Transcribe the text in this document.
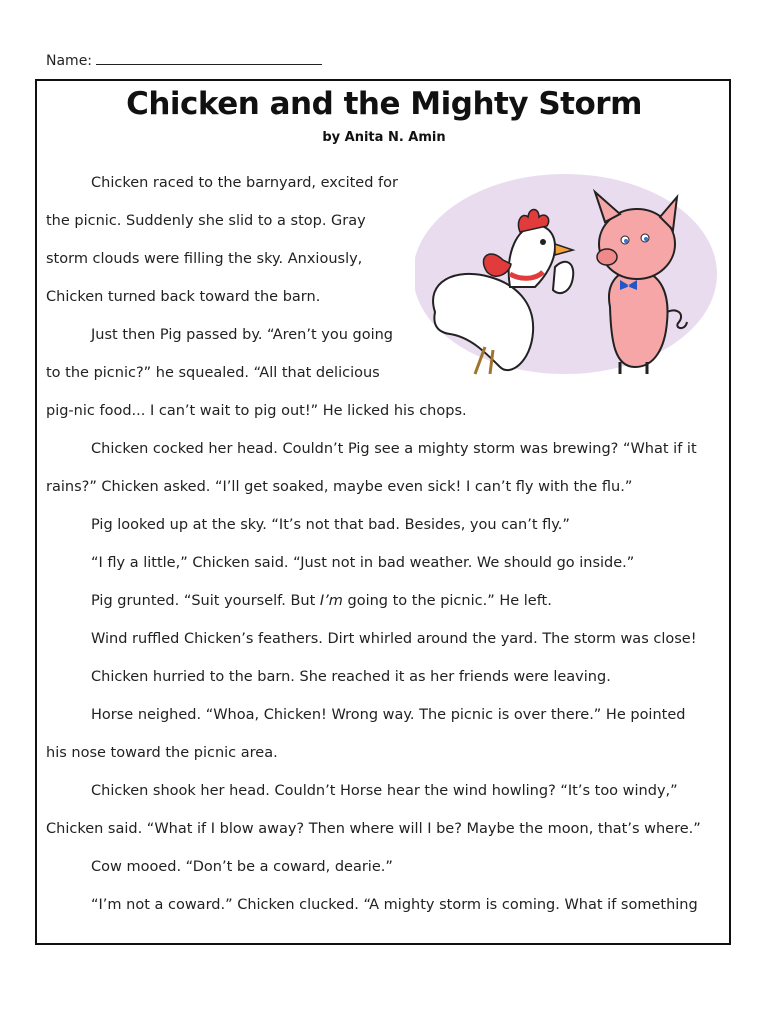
Name:
Chicken and the Mighty Storm
by Anita N. Amin
Chicken raced to the barnyard, excited for
the picnic. Suddenly she slid to a stop. Gray
storm clouds were filling the sky. Anxiously,
Chicken turned back toward the barn.
Just then Pig passed by. “Aren’t you going
to the picnic?” he squealed. “All that delicious
pig-nic food... I can’t wait to pig out!” He licked his chops.
Chicken cocked her head. Couldn’t Pig see a mighty storm was brewing? “What if it
rains?” Chicken asked. “I’ll get soaked, maybe even sick! I can’t fly with the flu.”
Pig looked up at the sky. “It’s not that bad. Besides, you can’t fly.”
“I fly a little,” Chicken said. “Just not in bad weather. We should go inside.”
Pig grunted. “Suit yourself. But I’m going to the picnic.” He left.
Wind ruffled Chicken’s feathers. Dirt whirled around the yard. The storm was close!
Chicken hurried to the barn. She reached it as her friends were leaving.
Horse neighed. “Whoa, Chicken! Wrong way. The picnic is over there.” He pointed
his nose toward the picnic area.
Chicken shook her head. Couldn’t Horse hear the wind howling? “It’s too windy,”
Chicken said. “What if I blow away? Then where will I be? Maybe the moon, that’s where.”
Cow mooed. “Don’t be a coward, dearie.”
“I’m not a coward.” Chicken clucked. “A mighty storm is coming. What if something
